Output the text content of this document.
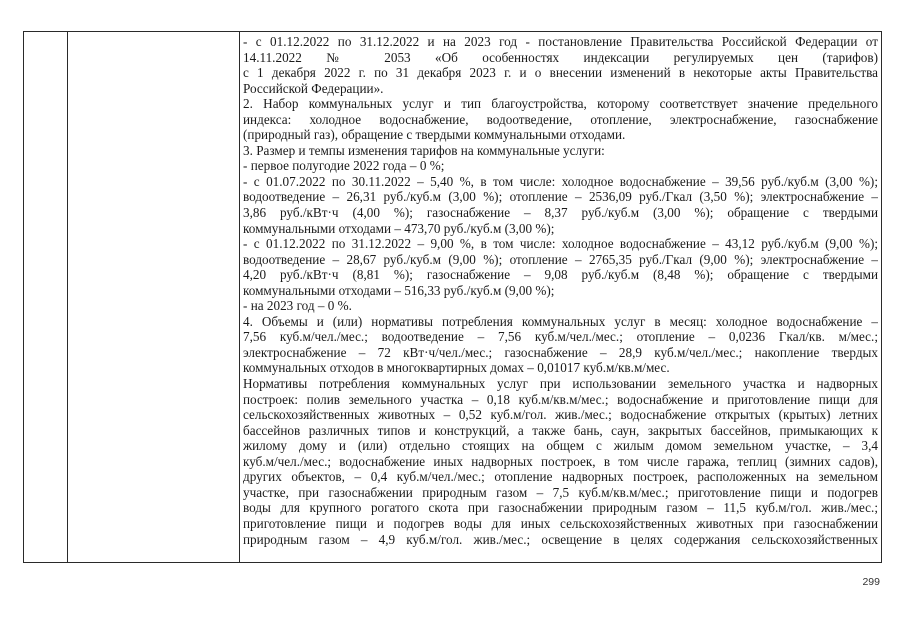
- с 01.12.2022 по 31.12.2022 и на 2023 год - постановление Правительства Российской Федерации от
14.11.2022 № 2053 «Об особенностях индексации регулируемых цен (тарифов)
с 1 декабря 2022 г. по 31 декабря 2023 г. и о внесении изменений в некоторые акты Правительства
Российской Федерации».
2. Набор коммунальных услуг и тип благоустройства, которому соответствует значение предельного
индекса: холодное водоснабжение, водоотведение, отопление, электроснабжение, газоснабжение
(природный газ), обращение с твердыми коммунальными отходами.
3. Размер и темпы изменения тарифов на коммунальные услуги:
- первое полугодие 2022 года – 0 %;
- с 01.07.2022 по 30.11.2022 – 5,40 %, в том числе: холодное водоснабжение – 39,56 руб./куб.м (3,00 %);
водоотведение – 26,31 руб./куб.м (3,00 %); отопление – 2536,09 руб./Гкал (3,50 %); электроснабжение –
3,86 руб./кВт·ч (4,00 %); газоснабжение – 8,37 руб./куб.м (3,00 %); обращение с твердыми
коммунальными отходами – 473,70 руб./куб.м (3,00 %);
- с 01.12.2022 по 31.12.2022 – 9,00 %, в том числе: холодное водоснабжение – 43,12 руб./куб.м (9,00 %);
водоотведение – 28,67 руб./куб.м (9,00 %); отопление – 2765,35 руб./Гкал (9,00 %); электроснабжение –
4,20 руб./кВт·ч (8,81 %); газоснабжение – 9,08 руб./куб.м (8,48 %); обращение с твердыми
коммунальными отходами – 516,33 руб./куб.м (9,00 %);
- на 2023 год – 0 %.
4. Объемы и (или) нормативы потребления коммунальных услуг в месяц: холодное водоснабжение –
7,56 куб.м/чел./мес.; водоотведение – 7,56 куб.м/чел./мес.; отопление – 0,0236 Гкал/кв. м/мес.;
электроснабжение – 72 кВт·ч/чел./мес.; газоснабжение – 28,9 куб.м/чел./мес.; накопление твердых
коммунальных отходов в многоквартирных домах – 0,01017 куб.м/кв.м/мес.
Нормативы потребления коммунальных услуг при использовании земельного участка и надворных
построек: полив земельного участка – 0,18 куб.м/кв.м/мес.; водоснабжение и приготовление пищи для
сельскохозяйственных животных – 0,52 куб.м/гол. жив./мес.; водоснабжение открытых (крытых) летних
бассейнов различных типов и конструкций, а также бань, саун, закрытых бассейнов, примыкающих к
жилому дому и (или) отдельно стоящих на общем с жилым домом земельном участке, – 3,4
куб.м/чел./мес.; водоснабжение иных надворных построек, в том числе гаража, теплиц (зимних садов),
других объектов, – 0,4 куб.м/чел./мес.; отопление надворных построек, расположенных на земельном
участке, при газоснабжении природным газом – 7,5 куб.м/кв.м/мес.; приготовление пищи и подогрев
воды для крупного рогатого скота при газоснабжении природным газом – 11,5 куб.м/гол. жив./мес.;
приготовление пищи и подогрев воды для иных сельскохозяйственных животных при газоснабжении
природным газом – 4,9 куб.м/гол. жив./мес.; освещение в целях содержания сельскохозяйственных
299
